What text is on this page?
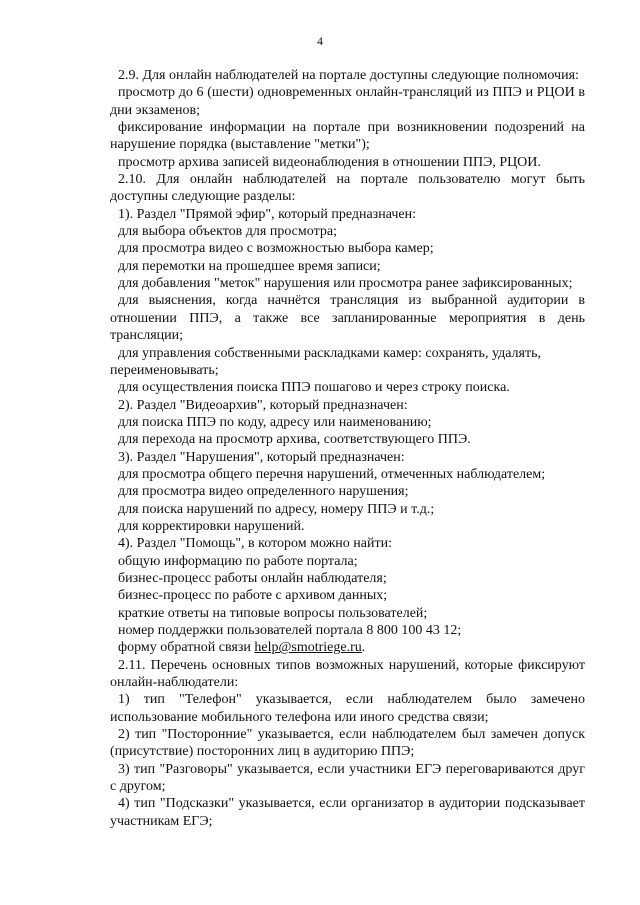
4

2.9. Для онлайн наблюдателей на портале доступны следующие полномочия:

просмотр до 6 (шести) одновременных онлайн-трансляций из ППЭ и РЦОИ в дни экзаменов;

фиксирование информации на портале при возникновении подозрений на нарушение порядка (выставление "метки");

просмотр архива записей видеонаблюдения в отношении ППЭ, РЦОИ.

2.10. Для онлайн наблюдателей на портале пользователю могут быть доступны следующие разделы:

1). Раздел "Прямой эфир", который предназначен:

для выбора объектов для просмотра;

для просмотра видео с возможностью выбора камер;

для перемотки на прошедшее время записи;

для добавления "меток" нарушения или просмотра ранее зафиксированных;

для выяснения, когда начнётся трансляция из выбранной аудитории в отношении ППЭ, а также все запланированные мероприятия в день трансляции;

для управления собственными раскладками камер: сохранять, удалять, переименовывать;

для осуществления поиска ППЭ пошагово и через строку поиска.

2). Раздел "Видеоархив", который предназначен:

для поиска ППЭ по коду, адресу или наименованию;

для перехода на просмотр архива, соответствующего ППЭ.

3). Раздел "Нарушения", который предназначен:

для просмотра общего перечня нарушений, отмеченных наблюдателем;

для просмотра видео определенного нарушения;

для поиска нарушений по адресу, номеру ППЭ и т.д.;

для корректировки нарушений.

4). Раздел "Помощь", в котором можно найти:

общую информацию по работе портала;

бизнес-процесс работы онлайн наблюдателя;

бизнес-процесс по работе с архивом данных;

краткие ответы на типовые вопросы пользователей;

номер поддержки пользователей портала 8 800 100 43 12;

форму обратной связи help@smotriege.ru.

2.11. Перечень основных типов возможных нарушений, которые фиксируют онлайн-наблюдатели:

1) тип "Телефон" указывается, если наблюдателем было замечено использование мобильного телефона или иного средства связи;

2) тип "Посторонние" указывается, если наблюдателем был замечен допуск (присутствие) посторонних лиц в аудиторию ППЭ;

3) тип "Разговоры" указывается, если участники ЕГЭ переговариваются друг с другом;

4) тип "Подсказки" указывается, если организатор в аудитории подсказывает участникам ЕГЭ;
